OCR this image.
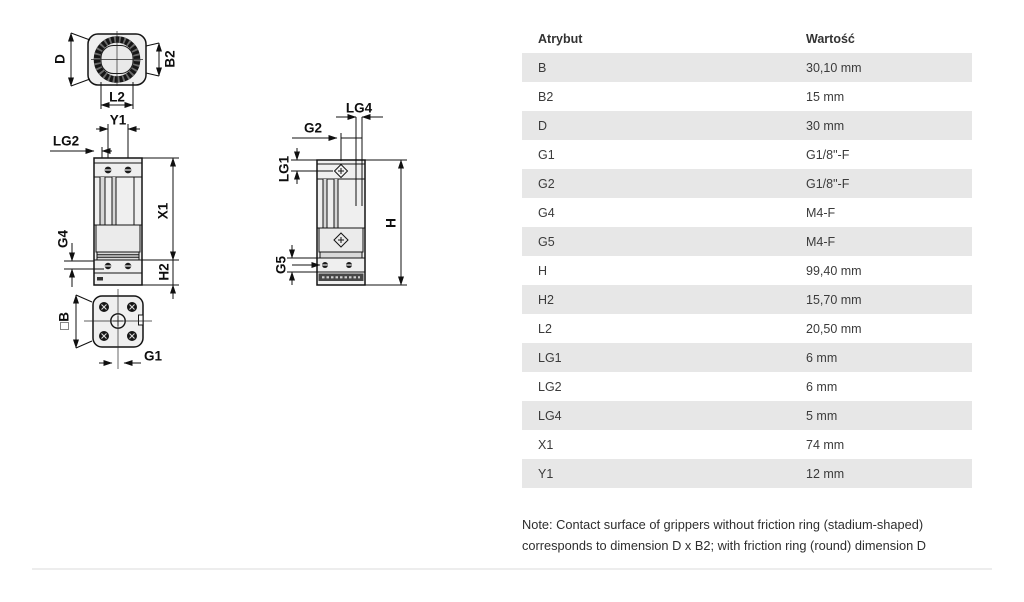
D	B2
L2
Y1
LG2
G4
X1
H2
□B
G1
LG4
G2
LG1
G5
H
Atrybut	Wartość
B	30,10 mm
B2	15 mm
D	30 mm
G1	G1/8"-F
G2	G1/8"-F
G4	M4-F
G5	M4-F
H	99,40 mm
H2	15,70 mm
L2	20,50 mm
LG1	6 mm
LG2	6 mm
LG4	5 mm
X1	74 mm
Y1	12 mm
Note: Contact surface of grippers without friction ring (stadium-shaped)
corresponds to dimension D x B2; with friction ring (round) dimension D
